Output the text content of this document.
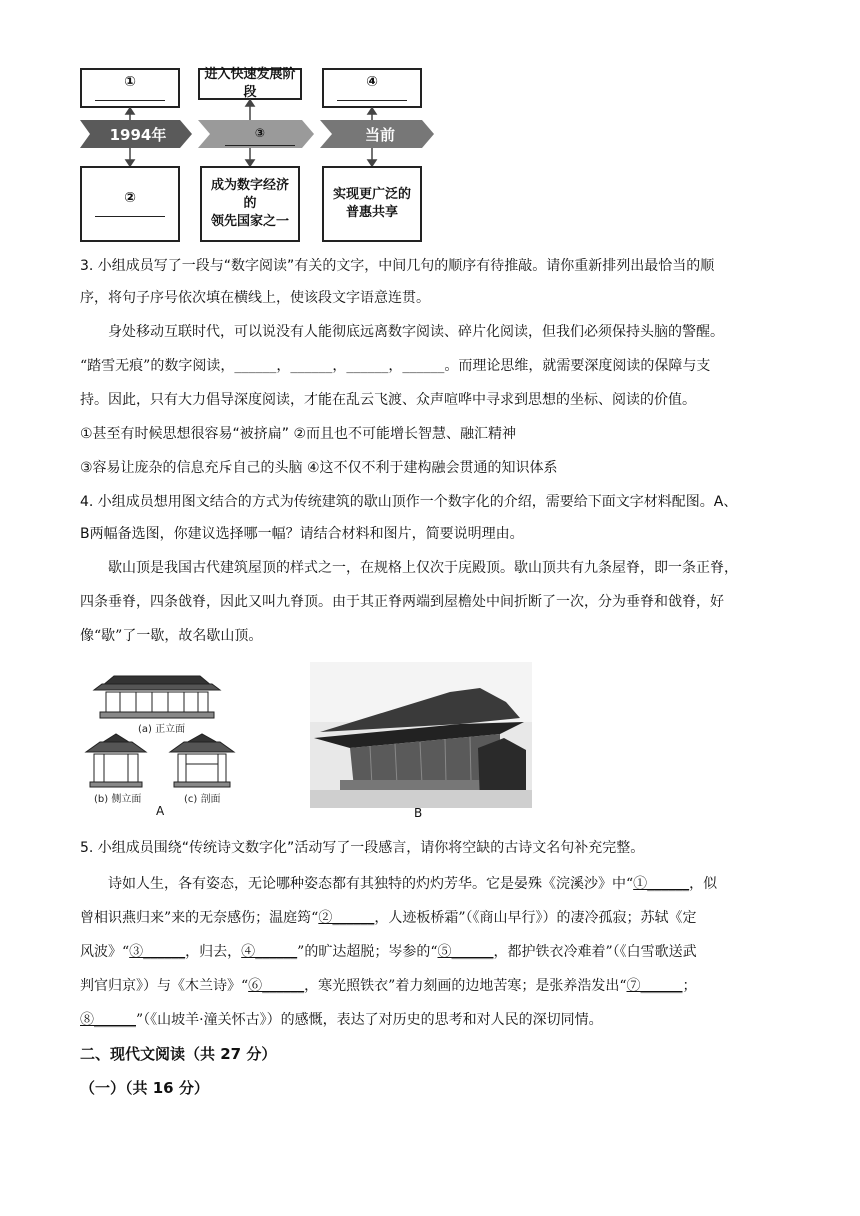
①	进入快速发展阶段
④
1994年	③	当前
②
成为数字经济的
领先国家之一
实现更广泛的
普惠共享
3. 小组成员写了一段与“数字阅读”有关的文字，中间几句的顺序有待推敲。请你重新排列出最恰当的顺
序，将句子序号依次填在横线上，使该段文字语意连贯。
身处移动互联时代，可以说没有人能彻底远离数字阅读、碎片化阅读，但我们必须保持头脑的警醒。
“踏雪无痕”的数字阅读，______，______，______，______。而理论思维，就需要深度阅读的保障与支
持。因此，只有大力倡导深度阅读，才能在乱云飞渡、众声喧哗中寻求到思想的坐标、阅读的价值。
①甚至有时候思想很容易“被挤扁” ②而且也不可能增长智慧、融汇精神
③容易让庞杂的信息充斥自己的头脑 ④这不仅不利于建构融会贯通的知识体系
4. 小组成员想用图文结合的方式为传统建筑的歇山顶作一个数字化的介绍，需要给下面文字材料配图。A、
B两幅备选图，你建议选择哪一幅？请结合材料和图片，简要说明理由。
歇山顶是我国古代建筑屋顶的样式之一，在规格上仅次于庑殿顶。歇山顶共有九条屋脊，即一条正脊，
四条垂脊，四条戗脊，因此又叫九脊顶。由于其正脊两端到屋檐处中间折断了一次，分为垂脊和戗脊，好
像“歇”了一歇，故名歇山顶。
(a) 正立面
(b) 侧立面	(c) 剖面
A	B
5. 小组成员围绕“传统诗文数字化”活动写了一段感言，请你将空缺的古诗文名句补充完整。
诗如人生，各有姿态，无论哪种姿态都有其独特的灼灼芳华。它是晏殊《浣溪沙》中“①______，似
曾相识燕归来”来的无奈感伤；温庭筠“②______，人迹板桥霜”（《商山早行》）的凄冷孤寂；苏轼《定
风波》“③______，归去，④______”的旷达超脱；岑参的“⑤______，都护铁衣冷难着”（《白雪歌送武
判官归京》）与《木兰诗》“⑥______，寒光照铁衣”着力刻画的边地苦寒；是张养浩发出“⑦______；
⑧______”（《山坡羊·潼关怀古》）的感慨，表达了对历史的思考和对人民的深切同情。
二、现代文阅读（共 27 分）
（一）（共 16 分）
